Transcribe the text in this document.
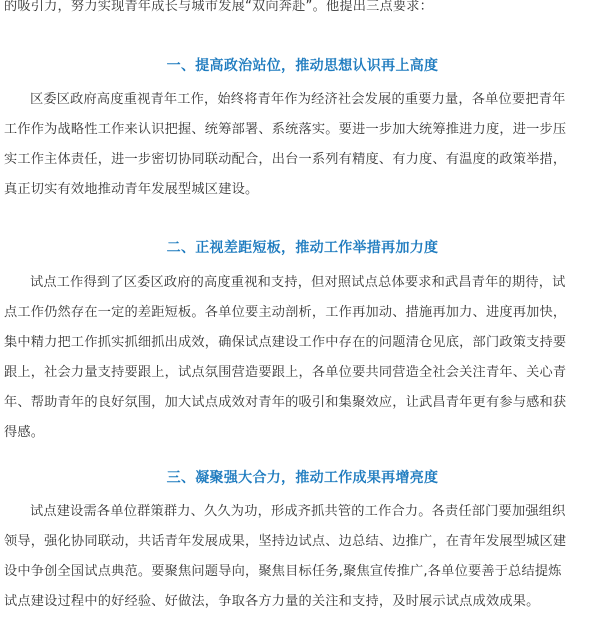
的吸引力，努力实现青年成长与城市发展“双向奔赴”。他提出三点要求：

一、提高政治站位，推动思想认识再上高度

区委区政府高度重视青年工作，始终将青年作为经济社会发展的重要力量，各单位要把青年
工作作为战略性工作来认识把握、统筹部署、系统落实。要进一步加大统筹推进力度，进一步压
实工作主体责任，进一步密切协同联动配合，出台一系列有精度、有力度、有温度的政策举措，
真正切实有效地推动青年发展型城区建设。

二、正视差距短板，推动工作举措再加力度

试点工作得到了区委区政府的高度重视和支持，但对照试点总体要求和武昌青年的期待，试
点工作仍然存在一定的差距短板。各单位要主动剖析，工作再加动、措施再加力、进度再加快，
集中精力把工作抓实抓细抓出成效，确保试点建设工作中存在的问题清仓见底，部门政策支持要
跟上，社会力量支持要跟上，试点氛围营造要跟上，各单位要共同营造全社会关注青年、关心青
年、帮助青年的良好氛围，加大试点成效对青年的吸引和集聚效应，让武昌青年更有参与感和获
得感。

三、凝聚强大合力，推动工作成果再增亮度

试点建设需各单位群策群力、久久为功，形成齐抓共管的工作合力。各责任部门要加强组织
领导，强化协同联动，共话青年发展成果，坚持边试点、边总结、边推广，在青年发展型城区建
设中争创全国试点典范。要聚焦问题导向，聚焦目标任务,聚焦宣传推广,各单位要善于总结提炼
试点建设过程中的好经验、好做法，争取各方力量的关注和支持，及时展示试点成效成果。
